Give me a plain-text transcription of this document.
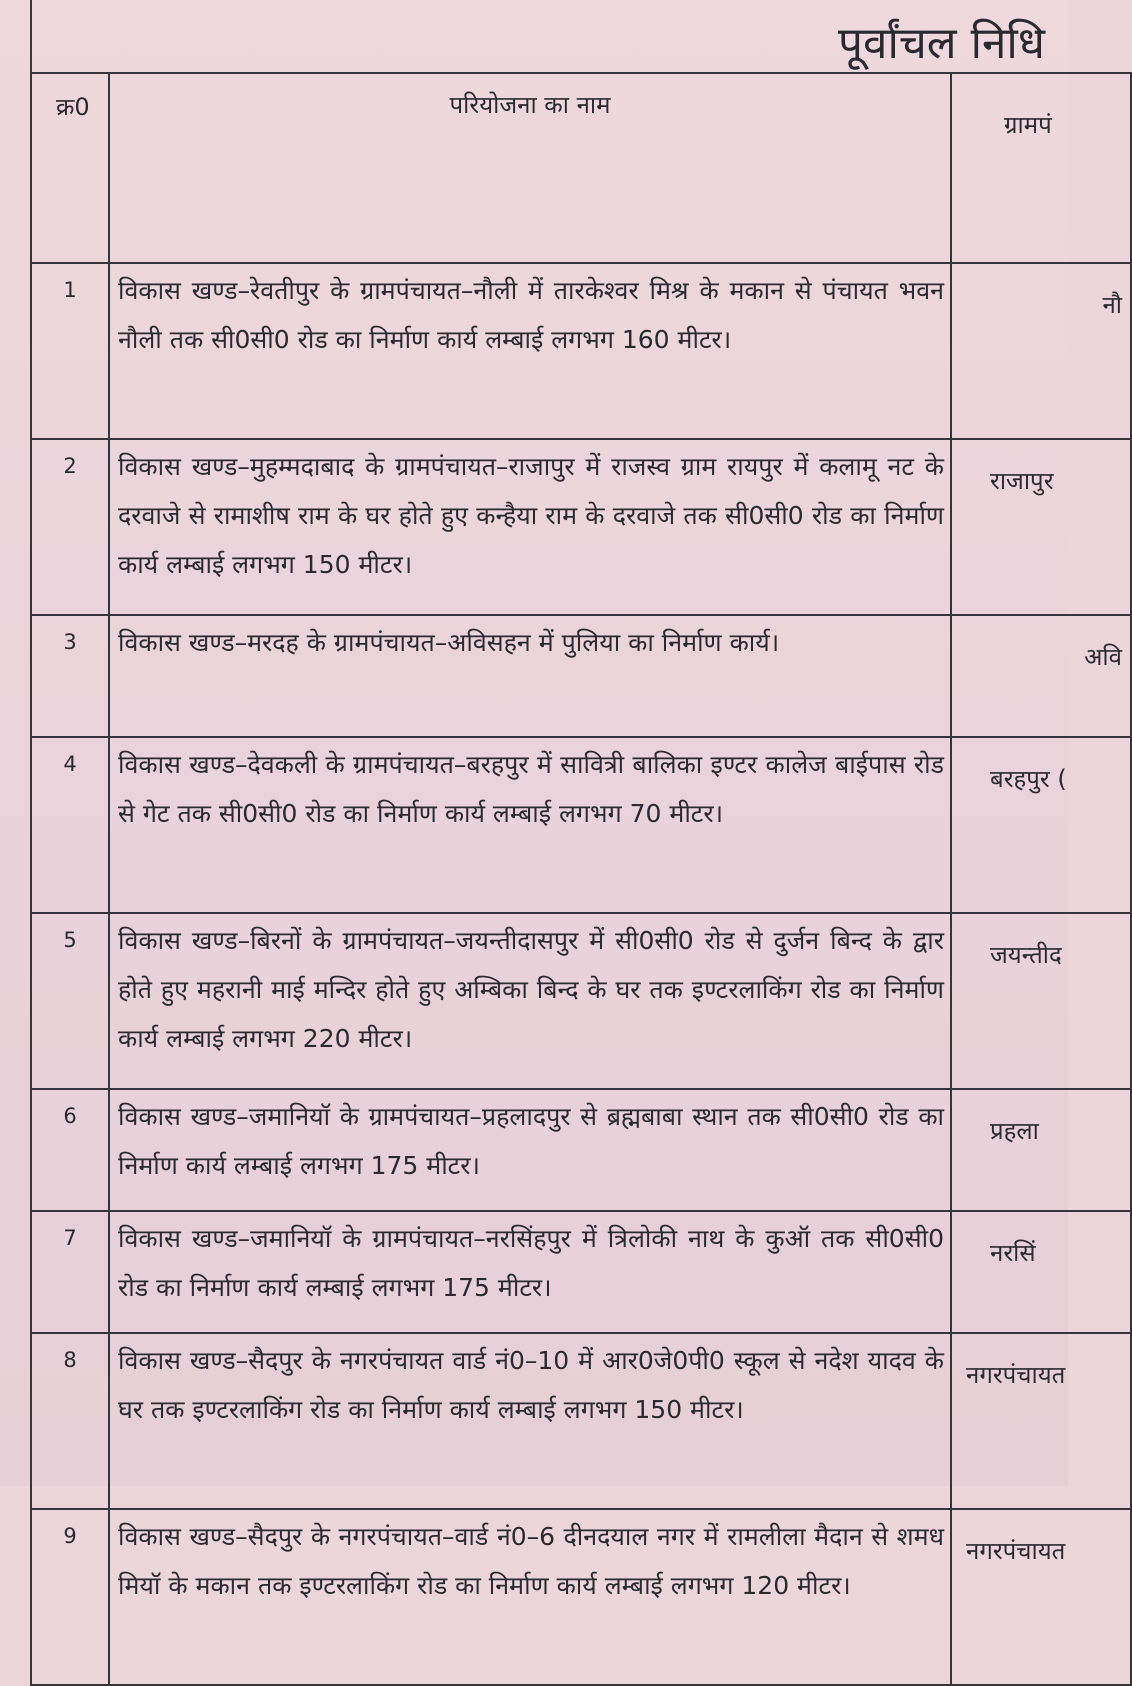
पूर्वांचल निधि
क्र0	परियोजना का नाम	ग्रामपं
1	विकास खण्ड–रेवतीपुर के ग्रामपंचायत–नौली में तारकेश्वर मिश्र के मकान से पंचायत भवन नौली तक सी0सी0 रोड का निर्माण कार्य लम्बाई लगभग 160 मीटर।	नौ
2	विकास खण्ड–मुहम्मदाबाद के ग्रामपंचायत–राजापुर में राजस्व ग्राम रायपुर में कलामू नट के दरवाजे से रामाशीष राम के घर होते हुए कन्हैया राम के दरवाजे तक सी0सी0 रोड का निर्माण कार्य लम्बाई लगभग 150 मीटर।	राजापुर
3	विकास खण्ड–मरदह के ग्रामपंचायत–अविसहन में पुलिया का निर्माण कार्य।	अवि
4	विकास खण्ड–देवकली के ग्रामपंचायत–बरहपुर में सावित्री बालिका इण्टर कालेज बाईपास रोड से गेट तक सी0सी0 रोड का निर्माण कार्य लम्बाई लगभग 70 मीटर।	बरहपुर (
5	विकास खण्ड–बिरनों के ग्रामपंचायत–जयन्तीदासपुर में सी0सी0 रोड से दुर्जन बिन्द के द्वार होते हुए महरानी माई मन्दिर होते हुए अम्बिका बिन्द के घर तक इण्टरलाकिंग रोड का निर्माण कार्य लम्बाई लगभग 220 मीटर।	जयन्तीद
6	विकास खण्ड–जमानियॉ के ग्रामपंचायत–प्रहलादपुर से ब्रह्मबाबा स्थान तक सी0सी0 रोड का निर्माण कार्य लम्बाई लगभग 175 मीटर।	प्रहला
7	विकास खण्ड–जमानियॉ के ग्रामपंचायत–नरसिंहपुर में त्रिलोकी नाथ के कुऑ तक सी0सी0 रोड का निर्माण कार्य लम्बाई लगभग 175 मीटर।	नरसिं
8	विकास खण्ड–सैदपुर के नगरपंचायत वार्ड नं0–10 में आर0जे0पी0 स्कूल से नदेश यादव के घर तक इण्टरलाकिंग रोड का निर्माण कार्य लम्बाई लगभग 150 मीटर।	नगरपंचायत
9	विकास खण्ड–सैदपुर के नगरपंचायत–वार्ड नं0–6 दीनदयाल नगर में रामलीला मैदान से शमध मियॉ के मकान तक इण्टरलाकिंग रोड का निर्माण कार्य लम्बाई लगभग 120 मीटर।	नगरपंचायत
